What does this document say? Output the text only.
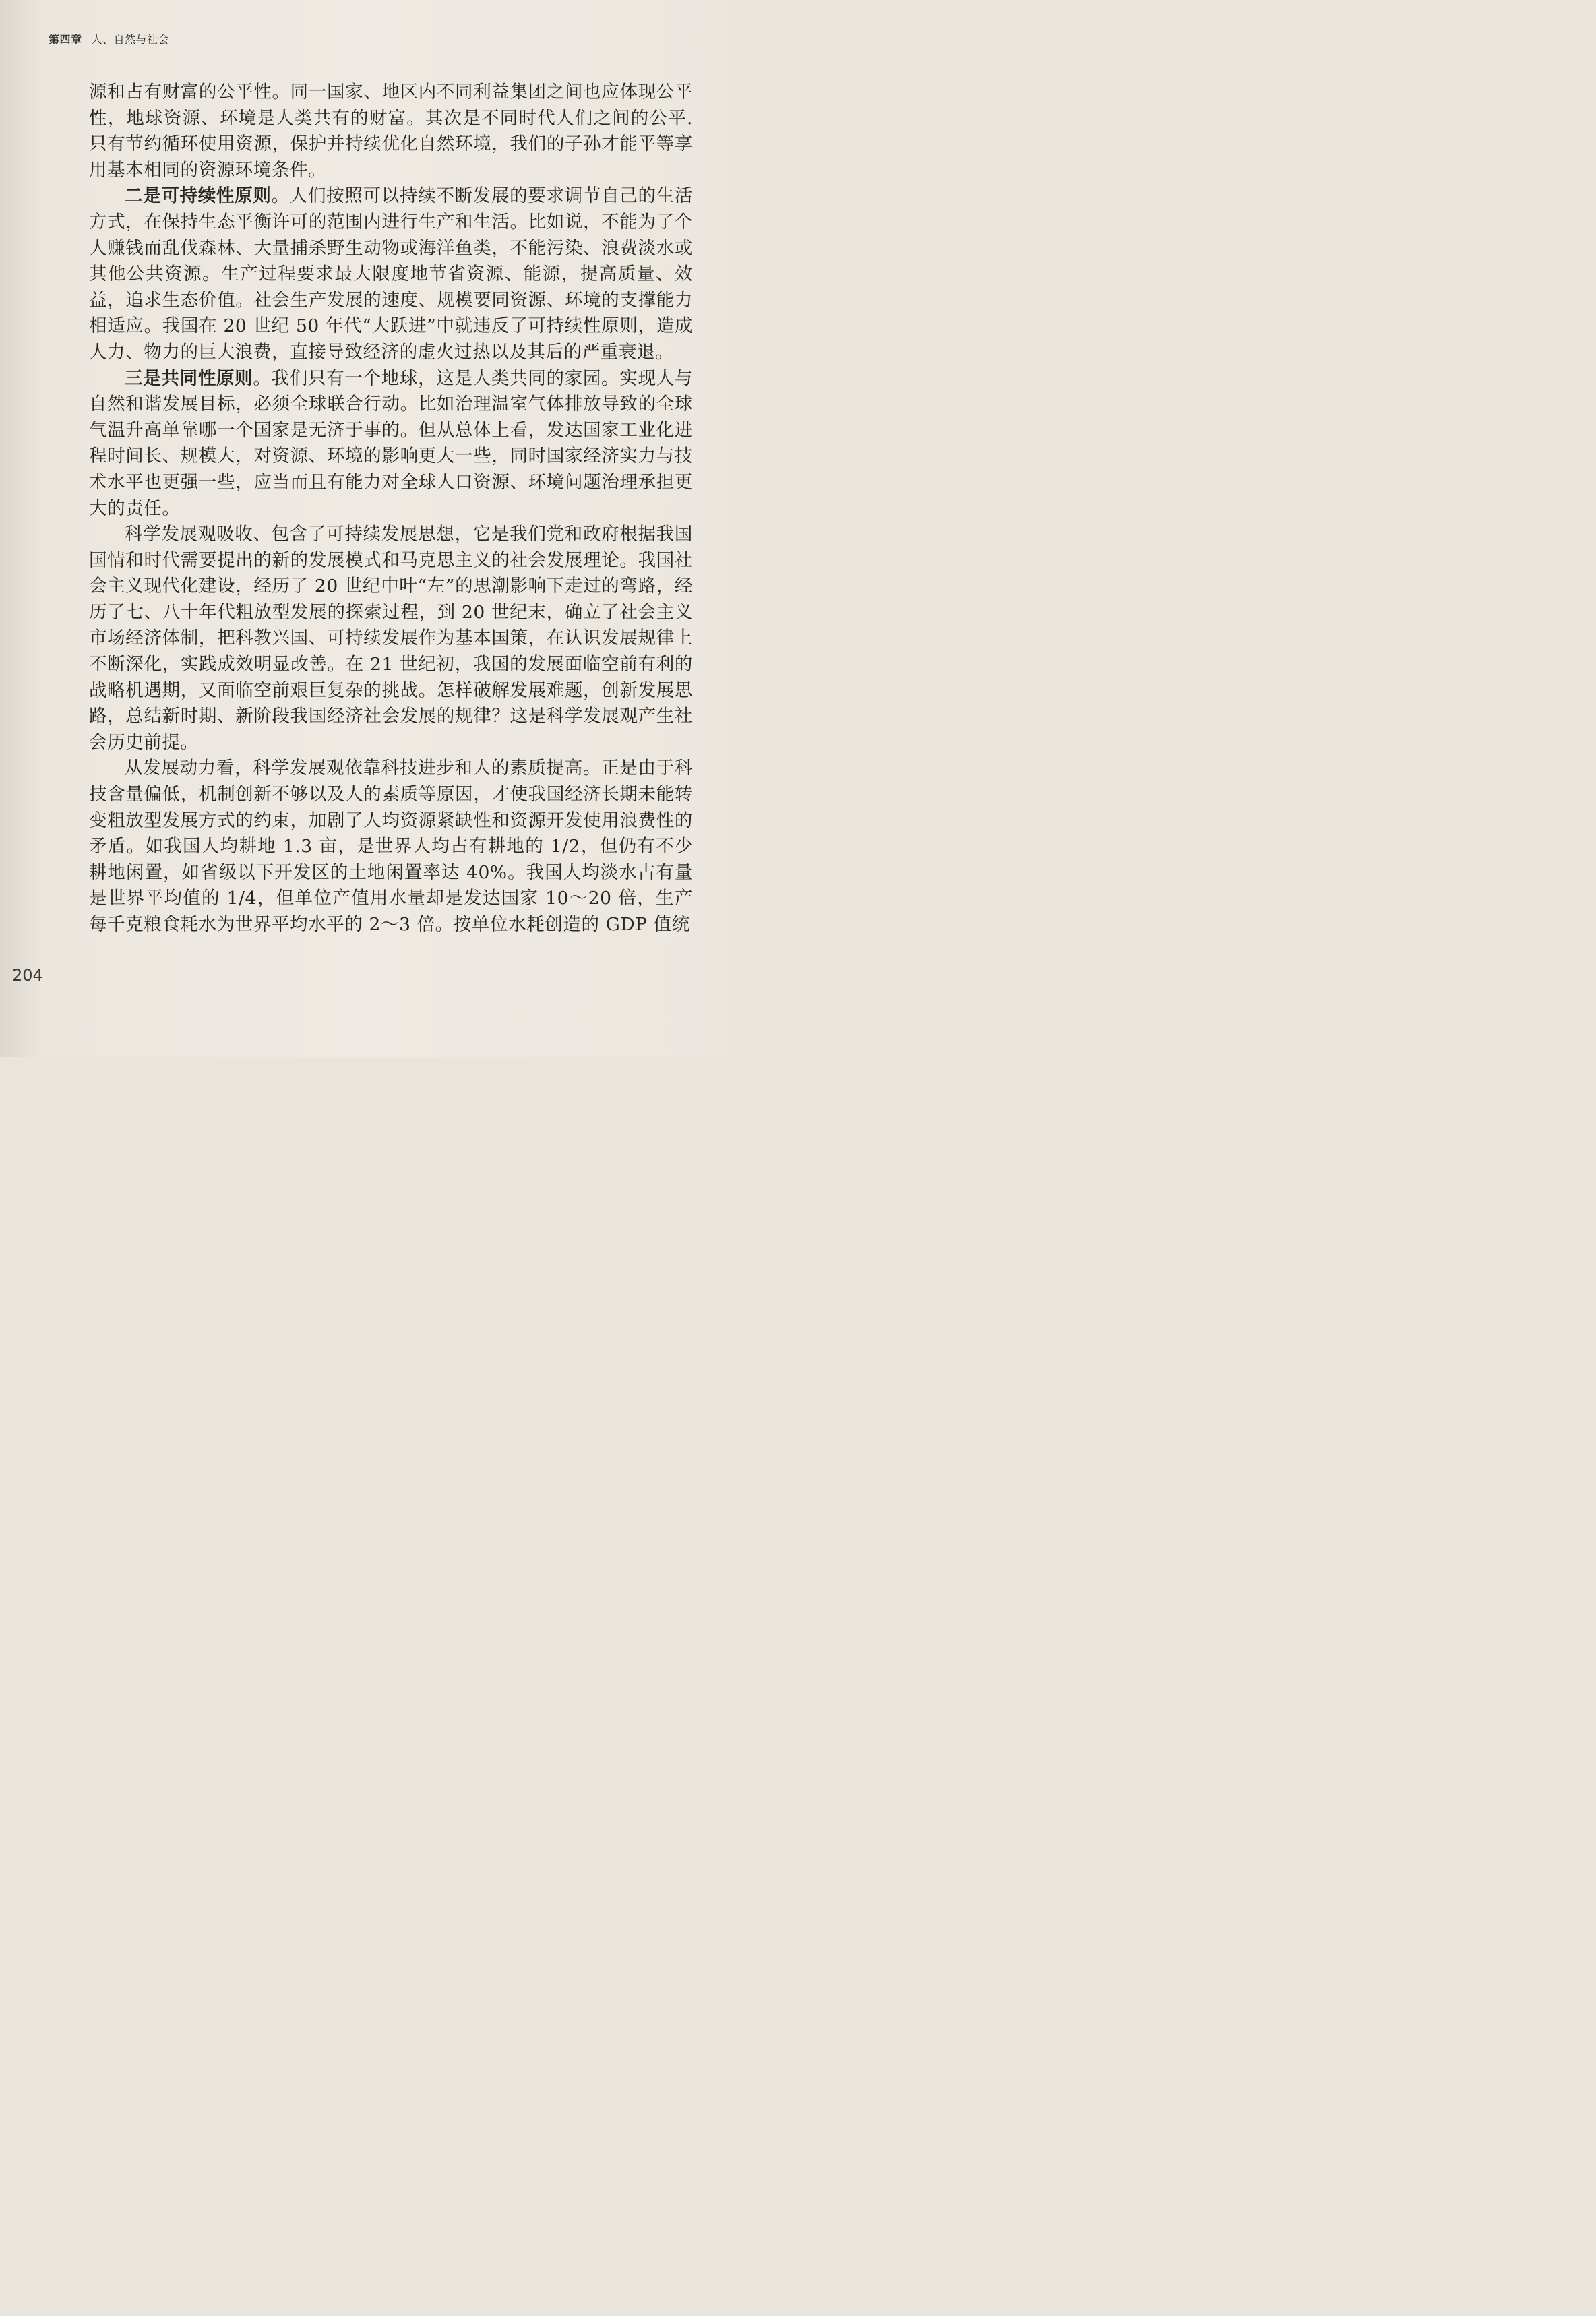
第四章 人、自然与社会

源和占有财富的公平性。同一国家、地区内不同利益集团之间也应体现公平性，地球资源、环境是人类共有的财富。其次是不同时代人们之间的公平.只有节约循环使用资源，保护并持续优化自然环境，我们的子孙才能平等享用基本相同的资源环境条件。

二是可持续性原则。人们按照可以持续不断发展的要求调节自己的生活方式，在保持生态平衡许可的范围内进行生产和生活。比如说，不能为了个人赚钱而乱伐森林、大量捕杀野生动物或海洋鱼类，不能污染、浪费淡水或其他公共资源。生产过程要求最大限度地节省资源、能源，提高质量、效益，追求生态价值。社会生产发展的速度、规模要同资源、环境的支撑能力相适应。我国在 20 世纪 50 年代“大跃进”中就违反了可持续性原则，造成人力、物力的巨大浪费，直接导致经济的虚火过热以及其后的严重衰退。

三是共同性原则。我们只有一个地球，这是人类共同的家园。实现人与自然和谐发展目标，必须全球联合行动。比如治理温室气体排放导致的全球气温升高单靠哪一个国家是无济于事的。但从总体上看，发达国家工业化进程时间长、规模大，对资源、环境的影响更大一些，同时国家经济实力与技术水平也更强一些，应当而且有能力对全球人口资源、环境问题治理承担更大的责任。

科学发展观吸收、包含了可持续发展思想，它是我们党和政府根据我国国情和时代需要提出的新的发展模式和马克思主义的社会发展理论。我国社会主义现代化建设，经历了 20 世纪中叶“左”的思潮影响下走过的弯路，经历了七、八十年代粗放型发展的探索过程，到 20 世纪末，确立了社会主义市场经济体制，把科教兴国、可持续发展作为基本国策，在认识发展规律上不断深化，实践成效明显改善。在 21 世纪初，我国的发展面临空前有利的战略机遇期，又面临空前艰巨复杂的挑战。怎样破解发展难题，创新发展思路，总结新时期、新阶段我国经济社会发展的规律？这是科学发展观产生社会历史前提。

从发展动力看，科学发展观依靠科技进步和人的素质提高。正是由于科技含量偏低，机制创新不够以及人的素质等原因，才使我国经济长期未能转变粗放型发展方式的约束，加剧了人均资源紧缺性和资源开发使用浪费性的矛盾。如我国人均耕地 1.3 亩，是世界人均占有耕地的 1/2，但仍有不少耕地闲置，如省级以下开发区的土地闲置率达 40%。我国人均淡水占有量是世界平均值的 1/4，但单位产值用水量却是发达国家 10～20 倍，生产每千克粮食耗水为世界平均水平的 2～3 倍。按单位水耗创造的 GDP 值统

204
